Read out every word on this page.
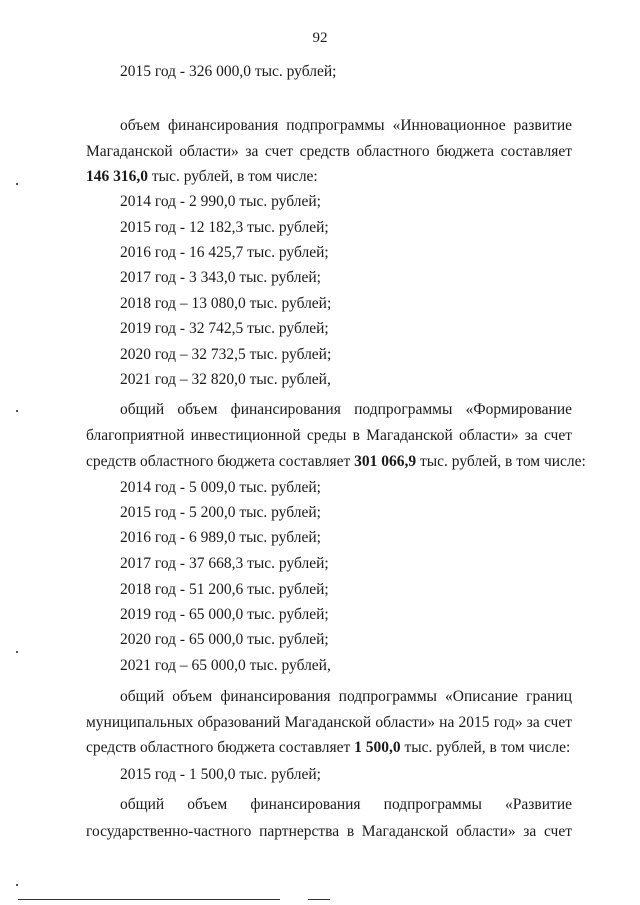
92
2015 год - 326 000,0 тыс. рублей;
объем финансирования подпрограммы «Инновационное развитие
Магаданской области» за счет средств областного бюджета составляет
146 316,0 тыс. рублей, в том числе:
2014 год - 2 990,0 тыс. рублей;
2015 год - 12 182,3 тыс. рублей;
2016 год - 16 425,7 тыс. рублей;
2017 год - 3 343,0 тыс. рублей;
2018 год – 13 080,0 тыс. рублей;
2019 год - 32 742,5 тыс. рублей;
2020 год – 32 732,5 тыс. рублей;
2021 год – 32 820,0 тыс. рублей,
общий объем финансирования подпрограммы «Формирование
благоприятной инвестиционной среды в Магаданской области» за счет
средств областного бюджета составляет 301 066,9 тыс. рублей, в том числе:
2014 год - 5 009,0 тыс. рублей;
2015 год - 5 200,0 тыс. рублей;
2016 год - 6 989,0 тыс. рублей;
2017 год - 37 668,3 тыс. рублей;
2018 год - 51 200,6 тыс. рублей;
2019 год - 65 000,0 тыс. рублей;
2020 год - 65 000,0 тыс. рублей;
2021 год – 65 000,0 тыс. рублей,
общий объем финансирования подпрограммы «Описание границ
муниципальных образований Магаданской области» на 2015 год» за счет
средств областного бюджета составляет 1 500,0 тыс. рублей, в том числе:
2015 год - 1 500,0 тыс. рублей;
общий объем финансирования подпрограммы «Развитие
государственно-частного партнерства в Магаданской области» за счет
